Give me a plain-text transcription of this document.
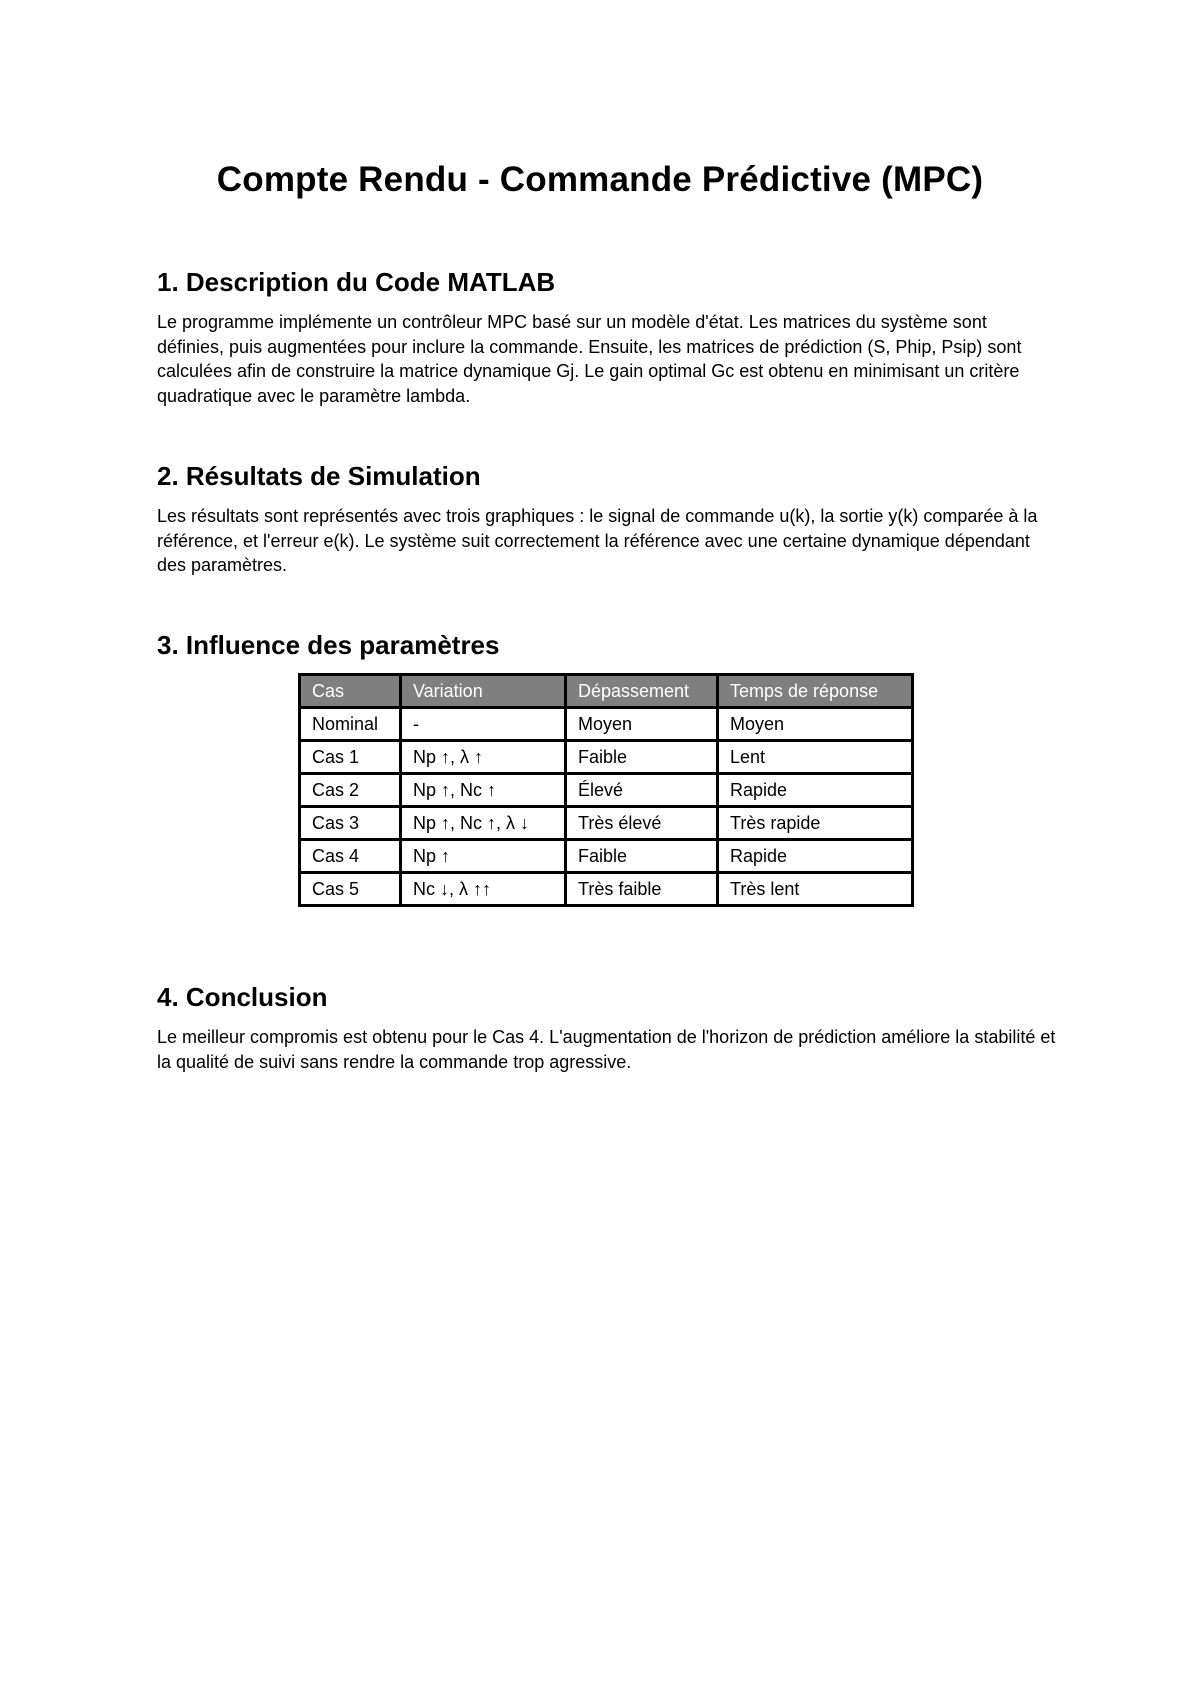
Compte Rendu - Commande Prédictive (MPC)
1. Description du Code MATLAB

Le programme implémente un contrôleur MPC basé sur un modèle d'état. Les matrices du système sont définies, puis augmentées pour inclure la commande. Ensuite, les matrices de prédiction (S, Phip, Psip) sont calculées afin de construire la matrice dynamique Gj. Le gain optimal Gc est obtenu en minimisant un critère quadratique avec le paramètre lambda.

2. Résultats de Simulation

Les résultats sont représentés avec trois graphiques : le signal de commande u(k), la sortie y(k) comparée à la référence, et l'erreur e(k). Le système suit correctement la référence avec une certaine dynamique dépendant des paramètres.

3. Influence des paramètres
Cas	Variation	Dépassement	Temps de réponse
Nominal	-	Moyen	Moyen
Cas 1	Np ↑, λ ↑	Faible	Lent
Cas 2	Np ↑, Nc ↑	Élevé	Rapide
Cas 3	Np ↑, Nc ↑, λ ↓	Très élevé	Très rapide
Cas 4	Np ↑	Faible	Rapide
Cas 5	Nc ↓, λ ↑↑	Très faible	Très lent
4. Conclusion

Le meilleur compromis est obtenu pour le Cas 4. L'augmentation de l'horizon de prédiction améliore la stabilité et la qualité de suivi sans rendre la commande trop agressive.
